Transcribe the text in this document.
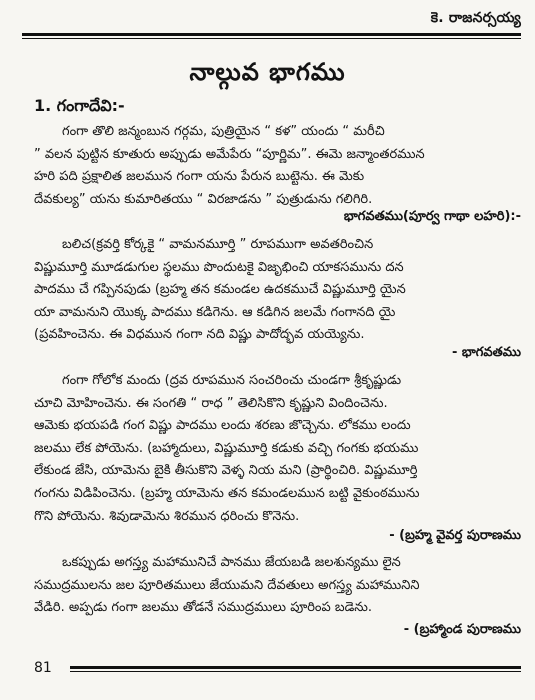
కె. రాజనర్సయ్య
నాల్గువ భాగము
1. గంగాదేవి:-
గంగా తొలి జన్మంబున గర్గమ, పుత్రియైన “ కళ” యందు “ మరీచి
” వలన పుట్టిన కూతురు అప్పుడు అమేపేరు “పూర్ణిమ”. ఈమె జన్మాంతరమున
హరి పది ప్రక్షాలిత జలమున గంగా యను పేరున బుట్టెను. ఈ మెకు
దేవకుల్య” యను కుమారితయు “ విరజాడను ” పుత్రుడును గలిగిరి.
భాగవతము(పూర్వ గాథా లహరి):-
బలిచ(క్రవర్తి కోర్కకై “ వామనమూర్తి ” రూపముగా అవతరించిన
విష్ణుమూర్తి మూడడుగుల స్థలము పొందుటకై విజృభించి యాకసమును దన
పాదము చే గప్పినపుడు (బ్రహ్మ తన కమండల ఉదకముచే విష్ణుమూర్తి యైన
యా వామనుని యొక్క పాదము కడిగెను. ఆ కడిగిన జలమే గంగానది యై
(ప్రవహించెను. ఈ విధమున గంగా నది విష్ణు పాదోద్భవ యయ్యెను.
- భాగవతము
గంగా గోలోక మందు (ద్రవ రూపమున సంచరించు చుండగా శ్రీకృష్ణుడు
చూచి మోహించెను. ఈ సంగతి “ రాధ ” తెలిసికొని కృష్ణుని విందించెను.
ఆమెకు భయపడి గంగ విష్ణు పాదము లందు శరణు జొచ్చెను. లోకము లందు
జలము లేక పోయెను. (బహ్మాదులు, విష్ణుమూర్తి కడుకు వచ్చి గంగకు భయము
లేకుండ జేసి, యామెను బైకి తీసుకొని వెళ్ళ నియ మని (ప్రార్థించిరి. విష్ణుమూర్తి
గంగను విడిపించెను. (బ్రహ్మ యామెను తన కమండలమున బట్టి వైకుంఠమును
గొని పోయెను. శివుడామెను శిరమున ధరించు కొనెను.
- (బ్రహ్మ వైవర్త పురాణము
ఒకప్పుడు అగస్త్య మహామునిచే పానము జేయబడి జలశున్యము లైన
సముద్రములను జల పూరితములు జేయుమని దేవతులు అగస్త్య మహామునిని
వేడిరి. అప్పడు గంగా జలము తోడనే సముద్రములు పూరింప బడెను.
- (బ్రహ్మాండ పురాణము
81
